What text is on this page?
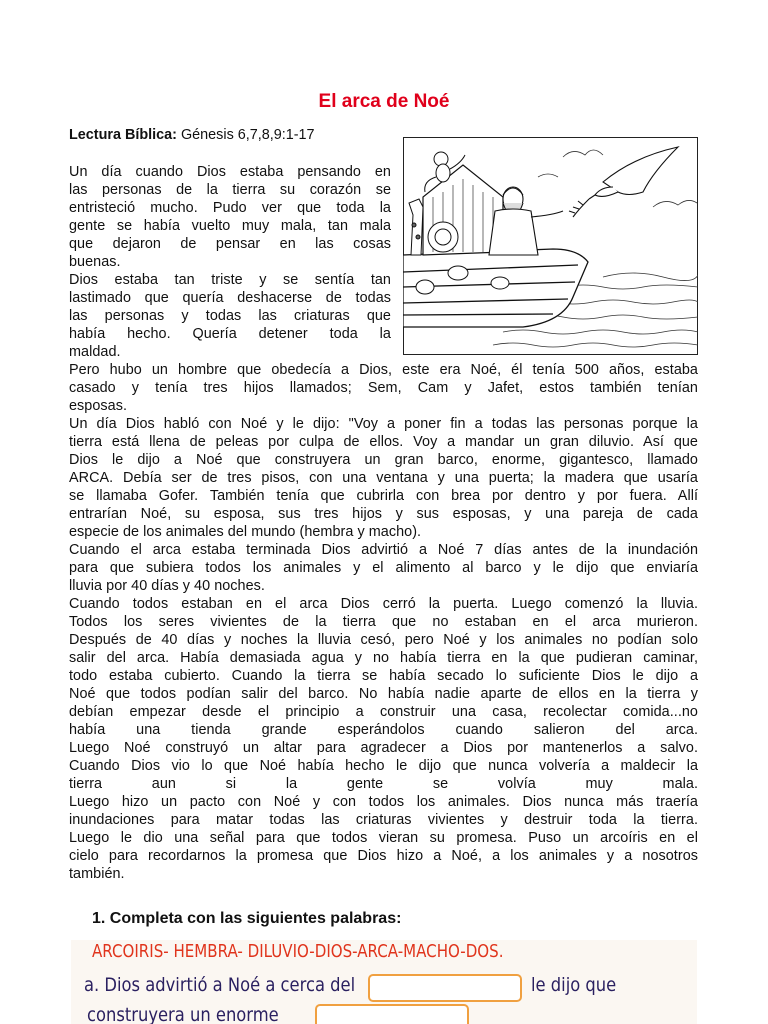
El arca de Noé
Lectura Bíblica: Génesis 6,7,8,9:1-17

Un día cuando Dios estaba pensando en

las personas de la tierra su corazón se

entristeció mucho. Pudo ver que toda la

gente se había vuelto muy mala, tan mala

que dejaron de pensar en las cosas

buenas.

Dios estaba tan triste y se sentía tan

lastimado que quería deshacerse de todas

las personas y todas las criaturas que

había hecho. Quería detener toda la

maldad.

Pero hubo un hombre que obedecía a Dios, este era Noé, él tenía 500 años, estaba

casado y tenía tres hijos llamados; Sem, Cam y Jafet, estos también tenían

esposas.

Un día Dios habló con Noé y le dijo: "Voy a poner fin a todas las personas porque la

tierra está llena de peleas por culpa de ellos. Voy a mandar un gran diluvio. Así que

Dios le dijo a Noé que construyera un gran barco, enorme, gigantesco, llamado

ARCA. Debía ser de tres pisos, con una ventana y una puerta; la madera que usaría

se llamaba Gofer. También tenía que cubrirla con brea por dentro y por fuera. Allí

entrarían Noé, su esposa, sus tres hijos y sus esposas, y una pareja de cada

especie de los animales del mundo (hembra y macho).

Cuando el arca estaba terminada Dios advirtió a Noé 7 días antes de la inundación

para que subiera todos los animales y el alimento al barco y le dijo que enviaría

lluvia por 40 días y 40 noches.

Cuando todos estaban en el arca Dios cerró la puerta. Luego comenzó la lluvia.

Todos los seres vivientes de la tierra que no estaban en el arca murieron.

Después de 40 días y noches la lluvia cesó, pero Noé y los animales no podían solo

salir del arca. Había demasiada agua y no había tierra en la que pudieran caminar,

todo estaba cubierto. Cuando la tierra se había secado lo suficiente Dios le dijo a

Noé que todos podían salir del barco. No había nadie aparte de ellos en la tierra y

debían empezar desde el principio a construir una casa, recolectar comida...no

había una tienda grande esperándolos cuando salieron del arca.

Luego Noé construyó un altar para agradecer a Dios por mantenerlos a salvo.

Cuando Dios vio lo que Noé había hecho le dijo que nunca volvería a maldecir la

tierra aun si la gente se volvía muy mala.

Luego hizo un pacto con Noé y con todos los animales. Dios nunca más traería

inundaciones para matar todas las criaturas vivientes y destruir toda la tierra.

Luego le dio una señal para que todos vieran su promesa. Puso un arcoíris en el

cielo para recordarnos la promesa que Dios hizo a Noé, a los animales y a nosotros

también.

1. Completa con las siguientes palabras:
ARCOIRIS- HEMBRA- DILUVIO-DIOS-ARCA-MACHO-DOS.
a. Dios advirtió a Noé a cerca del	le dijo que
construyera un enorme
